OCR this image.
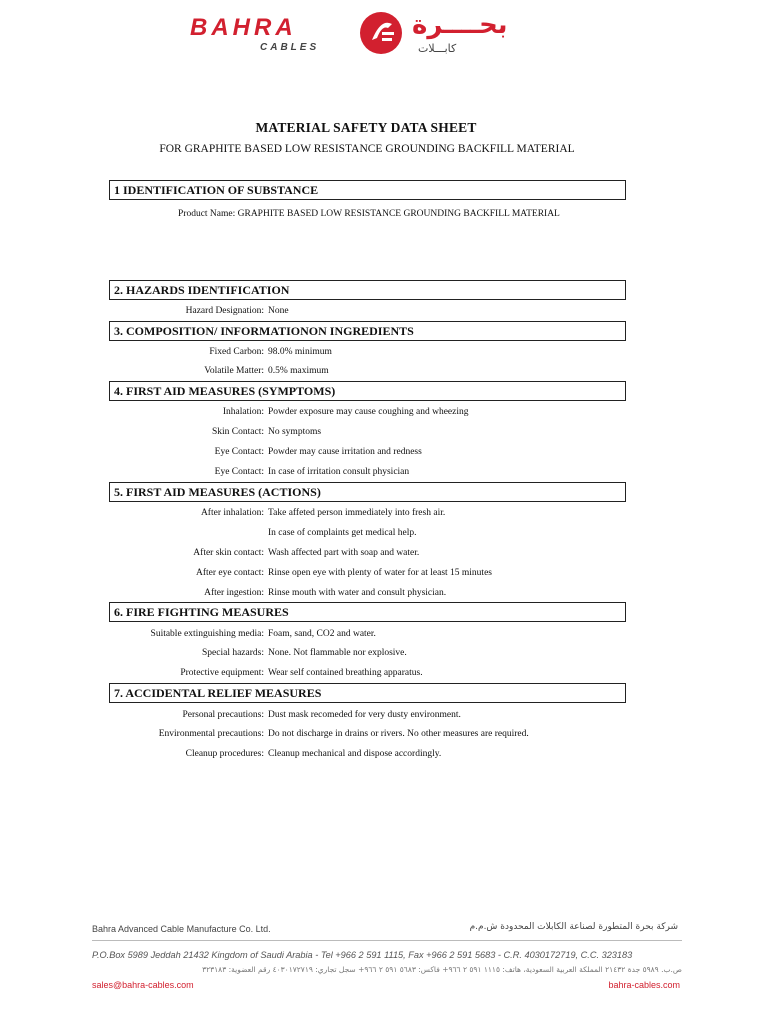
BAHRA
CABLES
بحــــرة
كابـــلات
MATERIAL SAFETY DATA SHEET
FOR GRAPHITE BASED LOW RESISTANCE GROUNDING BACKFILL MATERIAL
1 IDENTIFICATION OF SUBSTANCE
Product Name: GRAPHITE BASED LOW RESISTANCE GROUNDING BACKFILL MATERIAL
2. HAZARDS IDENTIFICATION
Hazard Designation: None
3. COMPOSITION/ INFORMATIONON INGREDIENTS
Fixed Carbon: 98.0% minimum
Volatile Matter: 0.5% maximum
4. FIRST AID MEASURES (SYMPTOMS)
Inhalation: Powder exposure may cause coughing and wheezing
Skin Contact: No symptoms
Eye Contact: Powder may cause irritation and redness
Eye Contact: In case of irritation consult physician
5. FIRST AID MEASURES (ACTIONS)
After inhalation: Take affeted person immediately into fresh air.
In case of complaints get medical help.
After skin contact: Wash affected part with soap and water.
After eye contact: Rinse open eye with plenty of water for at least 15 minutes
After ingestion: Rinse mouth with water and consult physician.
6. FIRE FIGHTING MEASURES
Suitable extinguishing media: Foam, sand, CO2 and water.
Special hazards: None. Not flammable nor explosive.
Protective equipment: Wear self contained breathing apparatus.
7. ACCIDENTAL RELIEF MEASURES
Personal precautions: Dust mask recomeded for very dusty environment.
Environmental precautions: Do not discharge in drains or rivers. No other measures are required.
Cleanup procedures: Cleanup mechanical and dispose accordingly.
Bahra Advanced Cable Manufacture Co. Ltd.	شركة بحرة المتطورة لصناعة الكابلات المحدودة ش.م.م
P.O.Box 5989 Jeddah 21432 Kingdom of Saudi Arabia - Tel +966 2 591 1115, Fax +966 2 591 5683 - C.R. 4030172719, C.C. 323183
ص.ب. ٥٩٨٩ جدة ٢١٤٣٢ المملكة العربية السعودية، هاتف: ١١١٥ ٥٩١ ٢ ٩٦٦+ فاكس: ٥٦٨٣ ٥٩١ ٢ ٩٦٦+ سجل تجاري: ٤٠٣٠١٧٢٧١٩ رقم العضوية: ٣٢٣١٨٣
sales@bahra-cables.com	bahra-cables.com
